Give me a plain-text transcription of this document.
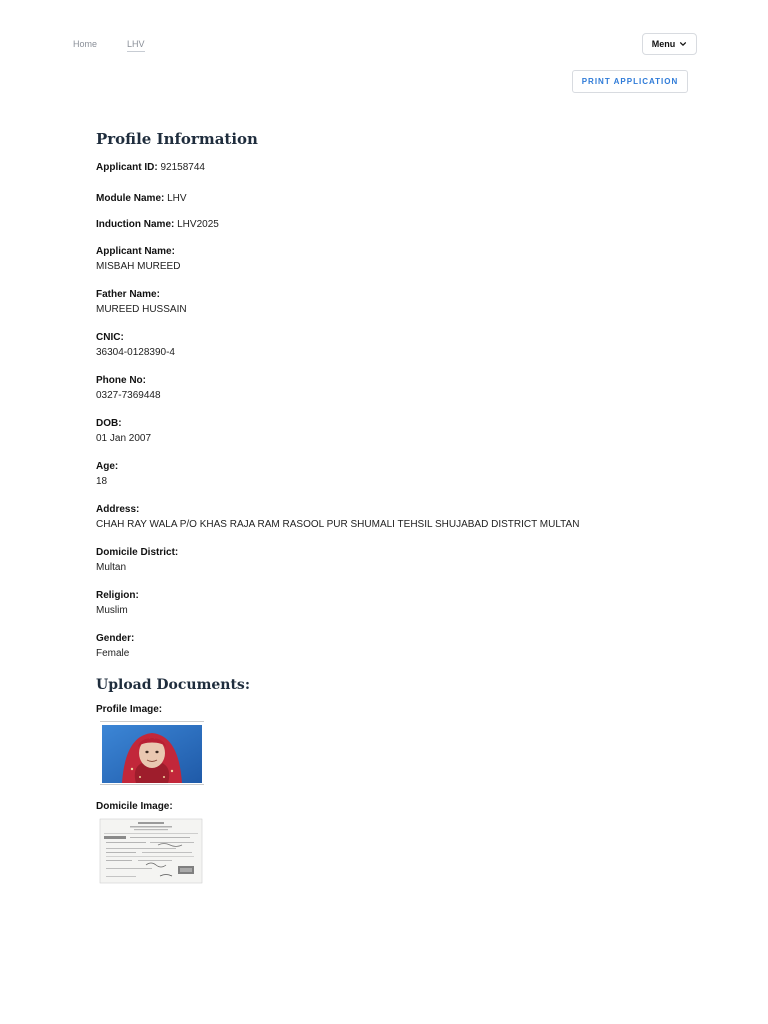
Home	LHV	Menu
PRINT APPLICATION
Profile Information
Applicant ID: 92158744
Module Name: LHV
Induction Name: LHV2025
Applicant Name:
MISBAH MUREED
Father Name:
MUREED HUSSAIN
CNIC:
36304-0128390-4
Phone No:
0327-7369448
DOB:
01 Jan 2007
Age:
18
Address:
CHAH RAY WALA P/O KHAS RAJA RAM RASOOL PUR SHUMALI TEHSIL SHUJABAD DISTRICT MULTAN
Domicile District:
Multan
Religion:
Muslim
Gender:
Female
Upload Documents:
Profile Image:
Domicile Image:
